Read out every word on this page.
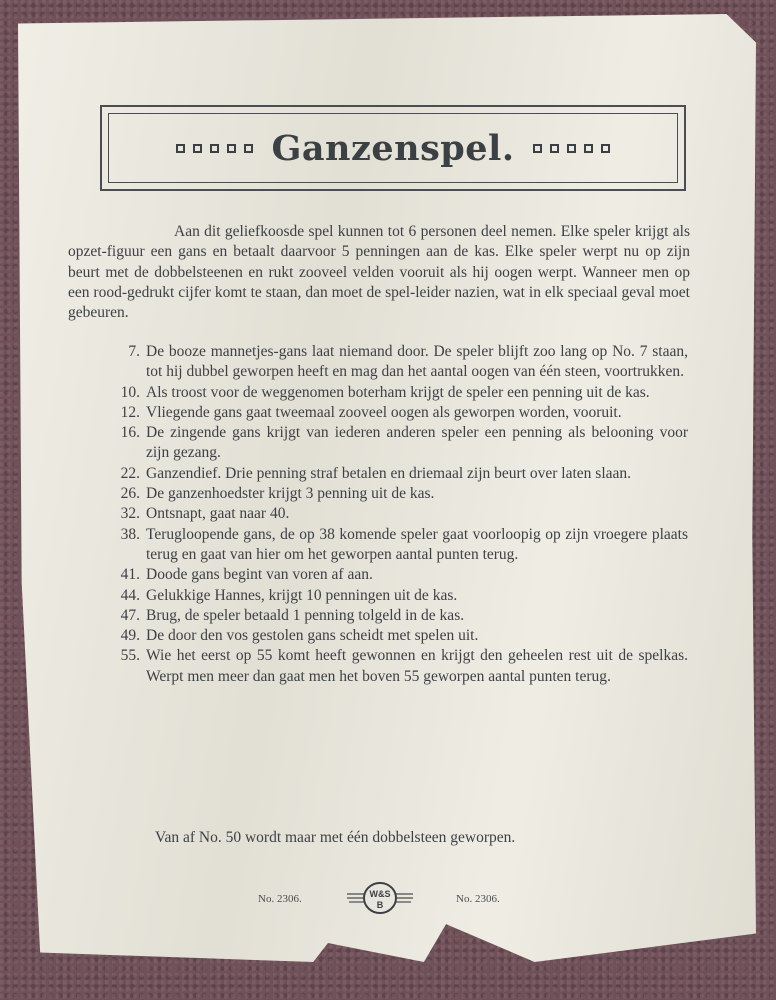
Ganzenspel.
Aan dit geliefkoosde spel kunnen tot 6 personen deel nemen. Elke speler krijgt als opzet-figuur een gans en betaalt daarvoor 5 penningen aan de kas. Elke speler werpt nu op zijn beurt met de dobbelsteenen en rukt zooveel velden vooruit als hij oogen werpt. Wanneer men op een rood-gedrukt cijfer komt te staan, dan moet de spel-leider nazien, wat in elk speciaal geval moet gebeuren.
7. De booze mannetjes-gans laat niemand door. De speler blijft zoo lang op No. 7 staan, tot hij dubbel geworpen heeft en mag dan het aantal oogen van één steen, voortrukken.
10. Als troost voor de weggenomen boterham krijgt de speler een penning uit de kas.
12. Vliegende gans gaat tweemaal zooveel oogen als geworpen worden, vooruit.
16. De zingende gans krijgt van iederen anderen speler een penning als belooning voor zijn gezang.
22. Ganzendief. Drie penning straf betalen en driemaal zijn beurt over laten slaan.
26. De ganzenhoedster krijgt 3 penning uit de kas.
32. Ontsnapt, gaat naar 40.
38. Terugloopende gans, de op 38 komende speler gaat voorloopig op zijn vroegere plaats terug en gaat van hier om het geworpen aantal punten terug.
41. Doode gans begint van voren af aan.
44. Gelukkige Hannes, krijgt 10 penningen uit de kas.
47. Brug, de speler betaald 1 penning tolgeld in de kas.
49. De door den vos gestolen gans scheidt met spelen uit.
55. Wie het eerst op 55 komt heeft gewonnen en krijgt den geheelen rest uit de spelkas. Werpt men meer dan gaat men het boven 55 geworpen aantal punten terug.
Van af No. 50 wordt maar met één dobbelsteen geworpen.
No. 2306.	No. 2306.
W&S
B
